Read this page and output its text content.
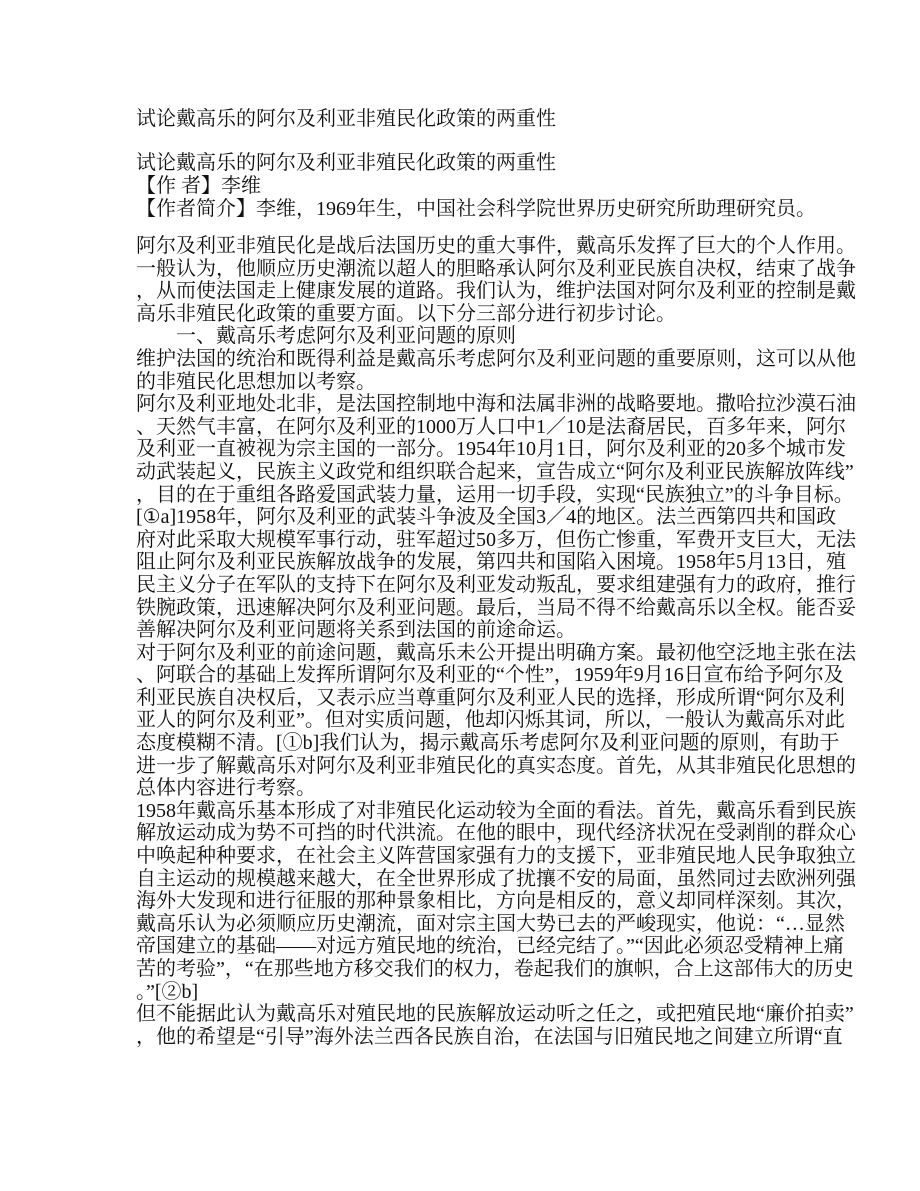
试论戴高乐的阿尔及利亚非殖民化政策的两重性
试论戴高乐的阿尔及利亚非殖民化政策的两重性
【作 者】李维
【作者简介】李维，1969年生，中国社会科学院世界历史研究所助理研究员。
阿尔及利亚非殖民化是战后法国历史的重大事件，戴高乐发挥了巨大的个人作用。
一般认为，他顺应历史潮流以超人的胆略承认阿尔及利亚民族自决权，结束了战争
，从而使法国走上健康发展的道路。我们认为，维护法国对阿尔及利亚的控制是戴
高乐非殖民化政策的重要方面。以下分三部分进行初步讨论。
　　一、戴高乐考虑阿尔及利亚问题的原则
维护法国的统治和既得利益是戴高乐考虑阿尔及利亚问题的重要原则，这可以从他
的非殖民化思想加以考察。
阿尔及利亚地处北非，是法国控制地中海和法属非洲的战略要地。撒哈拉沙漠石油
、天然气丰富，在阿尔及利亚的1000万人口中1／10是法裔居民，百多年来，阿尔
及利亚一直被视为宗主国的一部分。1954年10月1日，阿尔及利亚的20多个城市发
动武装起义，民族主义政党和组织联合起来，宣告成立“阿尔及利亚民族解放阵线”
，目的在于重组各路爱国武装力量，运用一切手段，实现“民族独立”的斗争目标。
[①a]1958年，阿尔及利亚的武装斗争波及全国3／4的地区。法兰西第四共和国政
府对此采取大规模军事行动，驻军超过50多万，但伤亡惨重，军费开支巨大，无法
阻止阿尔及利亚民族解放战争的发展，第四共和国陷入困境。1958年5月13日，殖
民主义分子在军队的支持下在阿尔及利亚发动叛乱，要求组建强有力的政府，推行
铁腕政策，迅速解决阿尔及利亚问题。最后，当局不得不给戴高乐以全权。能否妥
善解决阿尔及利亚问题将关系到法国的前途命运。
对于阿尔及利亚的前途问题，戴高乐未公开提出明确方案。最初他空泛地主张在法
、阿联合的基础上发挥所谓阿尔及利亚的“个性”，1959年9月16日宣布给予阿尔及
利亚民族自决权后，又表示应当尊重阿尔及利亚人民的选择，形成所谓“阿尔及利
亚人的阿尔及利亚”。但对实质问题，他却闪烁其词，所以，一般认为戴高乐对此
态度模糊不清。[①b]我们认为，揭示戴高乐考虑阿尔及利亚问题的原则，有助于
进一步了解戴高乐对阿尔及利亚非殖民化的真实态度。首先，从其非殖民化思想的
总体内容进行考察。
1958年戴高乐基本形成了对非殖民化运动较为全面的看法。首先，戴高乐看到民族
解放运动成为势不可挡的时代洪流。在他的眼中，现代经济状况在受剥削的群众心
中唤起种种要求，在社会主义阵营国家强有力的支援下，亚非殖民地人民争取独立
自主运动的规模越来越大，在全世界形成了扰攘不安的局面，虽然同过去欧洲列强
海外大发现和进行征服的那种景象相比，方向是相反的，意义却同样深刻。其次，
戴高乐认为必须顺应历史潮流，面对宗主国大势已去的严峻现实，他说：“…显然
帝国建立的基础——对远方殖民地的统治，已经完结了。”“因此必须忍受精神上痛
苦的考验”，“在那些地方移交我们的权力，卷起我们的旗帜，合上这部伟大的历史
。”[②b]
但不能据此认为戴高乐对殖民地的民族解放运动听之任之，或把殖民地“廉价拍卖”
，他的希望是“引导”海外法兰西各民族自治，在法国与旧殖民地之间建立所谓“直
